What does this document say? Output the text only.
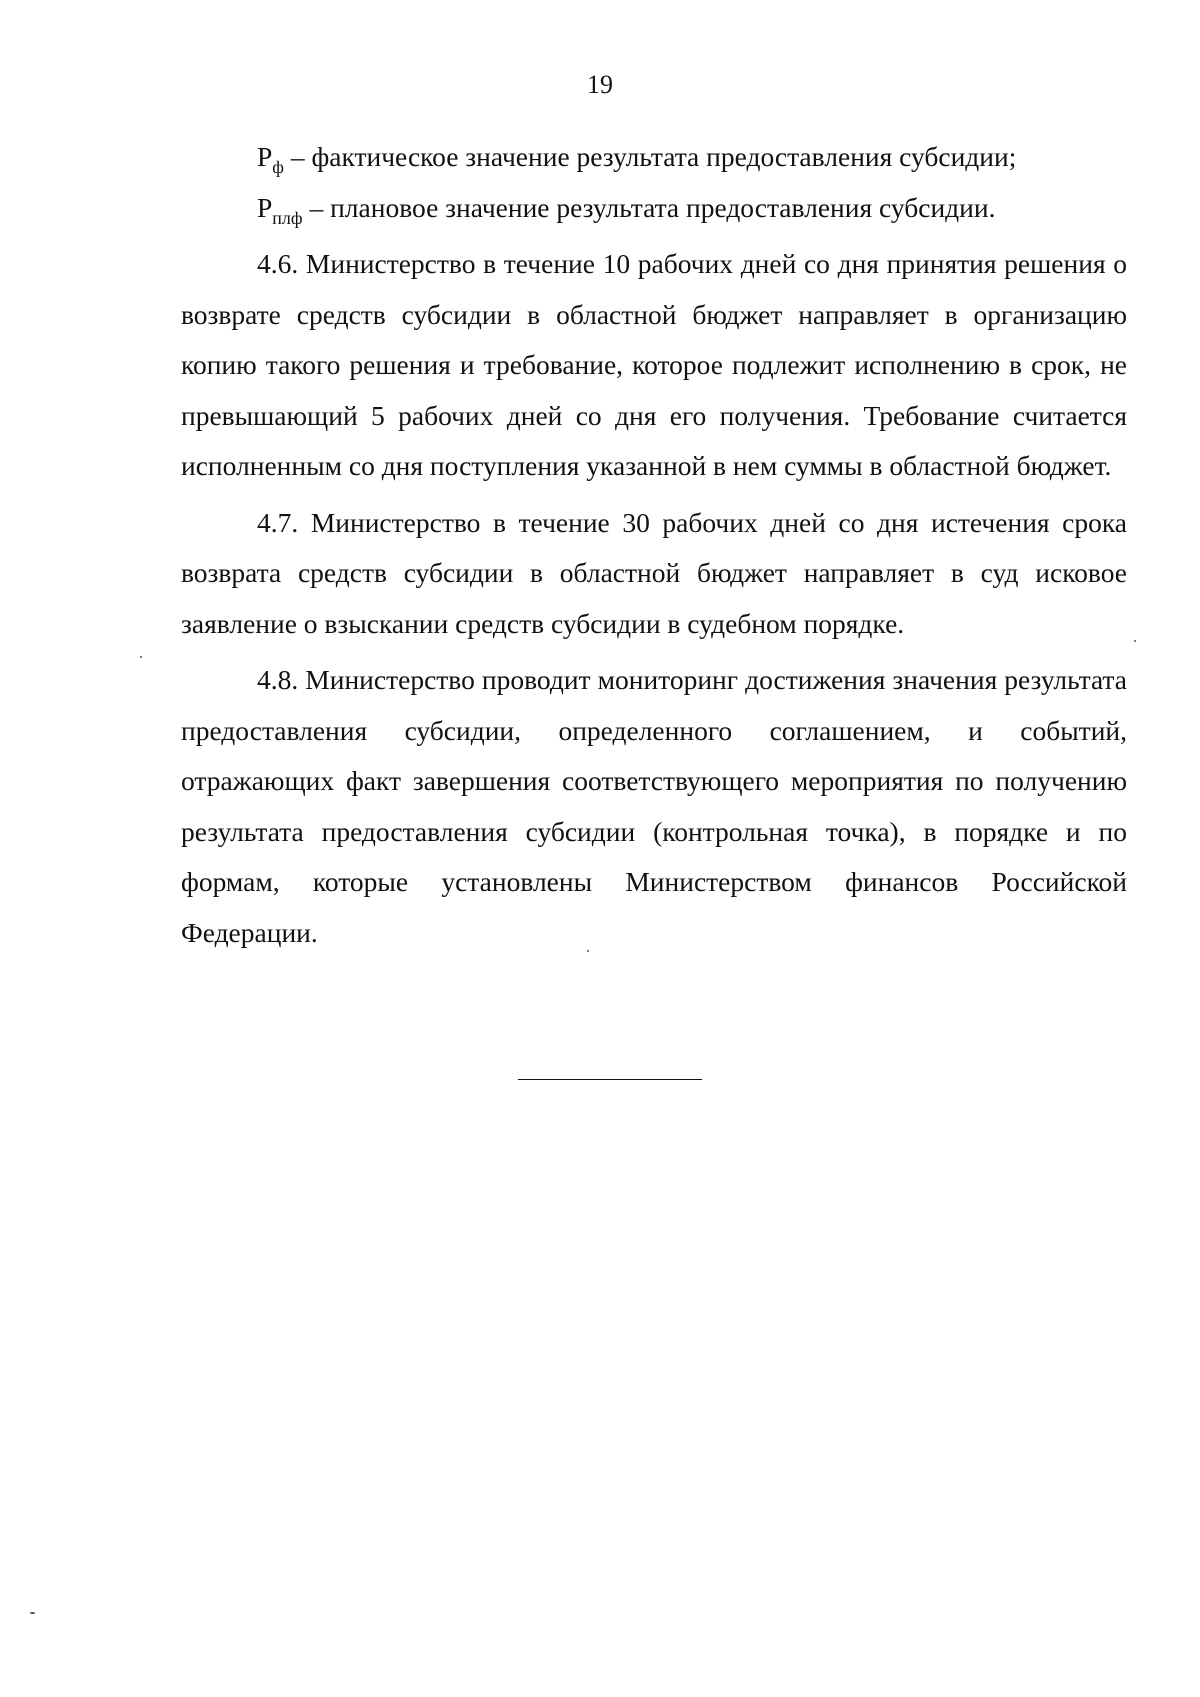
19

$P_ф$ – фактическое значение результата предоставления субсидии;

$P_{плф}$ – плановое значение результата предоставления субсидии.

4.6. Министерство в течение 10 рабочих дней со дня принятия решения о возврате средств субсидии в областной бюджет направляет в организацию копию такого решения и требование, которое подлежит исполнению в срок, не превышающий 5 рабочих дней со дня его получения. Требование считается исполненным со дня поступления указанной в нем суммы в областной бюджет.

4.7. Министерство в течение 30 рабочих дней со дня истечения срока возврата средств субсидии в областной бюджет направляет в суд исковое заявление о взыскании средств субсидии в судебном порядке.

4.8. Министерство проводит мониторинг достижения значения результата предоставления субсидии, определенного соглашением, и событий, отражающих факт завершения соответствующего мероприятия по получению результата предоставления субсидии (контрольная точка), в порядке и по формам, которые установлены Министерством финансов Российской Федерации.
